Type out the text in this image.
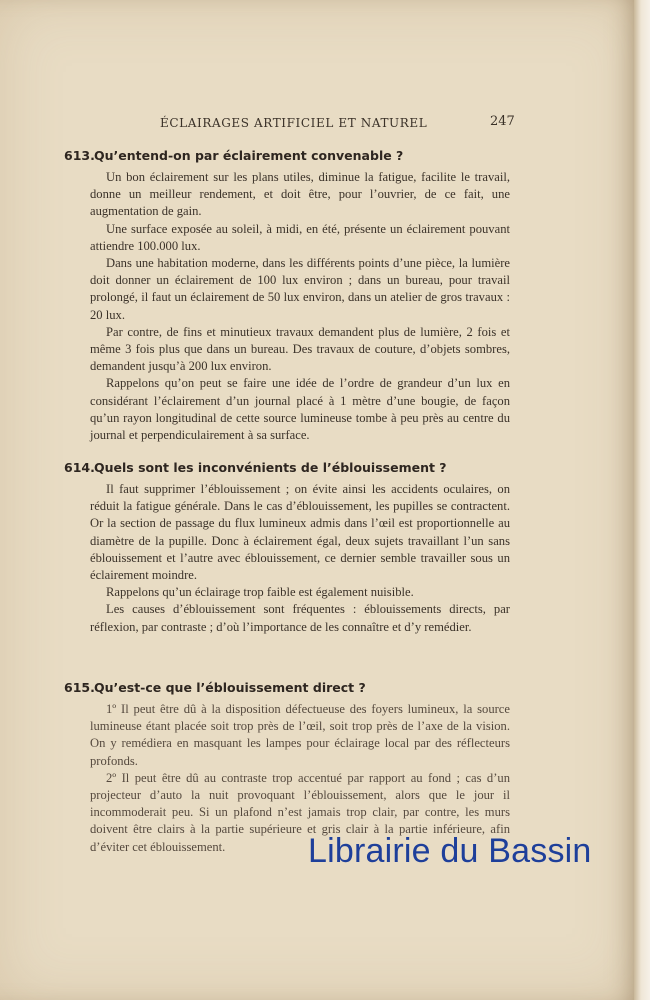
ÉCLAIRAGES ARTIFICIEL ET NATUREL	247
613.Qu’entend-on par éclairement convenable ?

Un bon éclairement sur les plans utiles, diminue la fatigue, facilite le travail, donne un meilleur rendement, et doit être, pour l’ouvrier, de ce fait, une augmentation de gain.

Une surface exposée au soleil, à midi, en été, présente un éclairement pouvant attiendre 100.000 lux.

Dans une habitation moderne, dans les différents points d’une pièce, la lumière doit donner un éclairement de 100 lux environ ; dans un bureau, pour travail prolongé, il faut un éclairement de 50 lux environ, dans un atelier de gros travaux : 20 lux.

Par contre, de fins et minutieux travaux demandent plus de lumière, 2 fois et même 3 fois plus que dans un bureau. Des travaux de couture, d’objets sombres, demandent jusqu’à 200 lux environ.

Rappelons qu’on peut se faire une idée de l’ordre de grandeur d’un lux en considérant l’éclairement d’un journal placé à 1 mètre d’une bougie, de façon qu’un rayon longitudinal de cette source lumineuse tombe à peu près au centre du journal et perpendiculairement à sa surface.

614.Quels sont les inconvénients de l’éblouissement ?

Il faut supprimer l’éblouissement ; on évite ainsi les accidents oculaires, on réduit la fatigue générale. Dans le cas d’éblouissement, les pupilles se contractent. Or la section de passage du flux lumineux admis dans l’œil est proportionnelle au diamètre de la pupille. Donc à éclairement égal, deux sujets travaillant l’un sans éblouissement et l’autre avec éblouissement, ce dernier semble travailler sous un éclairement moindre.

Rappelons qu’un éclairage trop faible est également nuisible.

Les causes d’éblouissement sont fréquentes : éblouissements directs, par réflexion, par contraste ; d’où l’importance de les connaître et d’y remédier.

615.Qu’est-ce que l’éblouissement direct ?

1º Il peut être dû à la disposition défectueuse des foyers lumineux, la source lumineuse étant placée soit trop près de l’œil, soit trop près de l’axe de la vision. On y remédiera en masquant les lampes pour éclairage local par des réflecteurs profonds.

2º Il peut être dû au contraste trop accentué par rapport au fond ; cas d’un projecteur d’auto la nuit provoquant l’éblouissement, alors que le jour il incommoderait peu. Si un plafond n’est jamais trop clair, par contre, les murs doivent être clairs à la partie supérieure et gris clair à la partie inférieure, afin d’éviter cet éblouissement.	Librairie du Bassin
